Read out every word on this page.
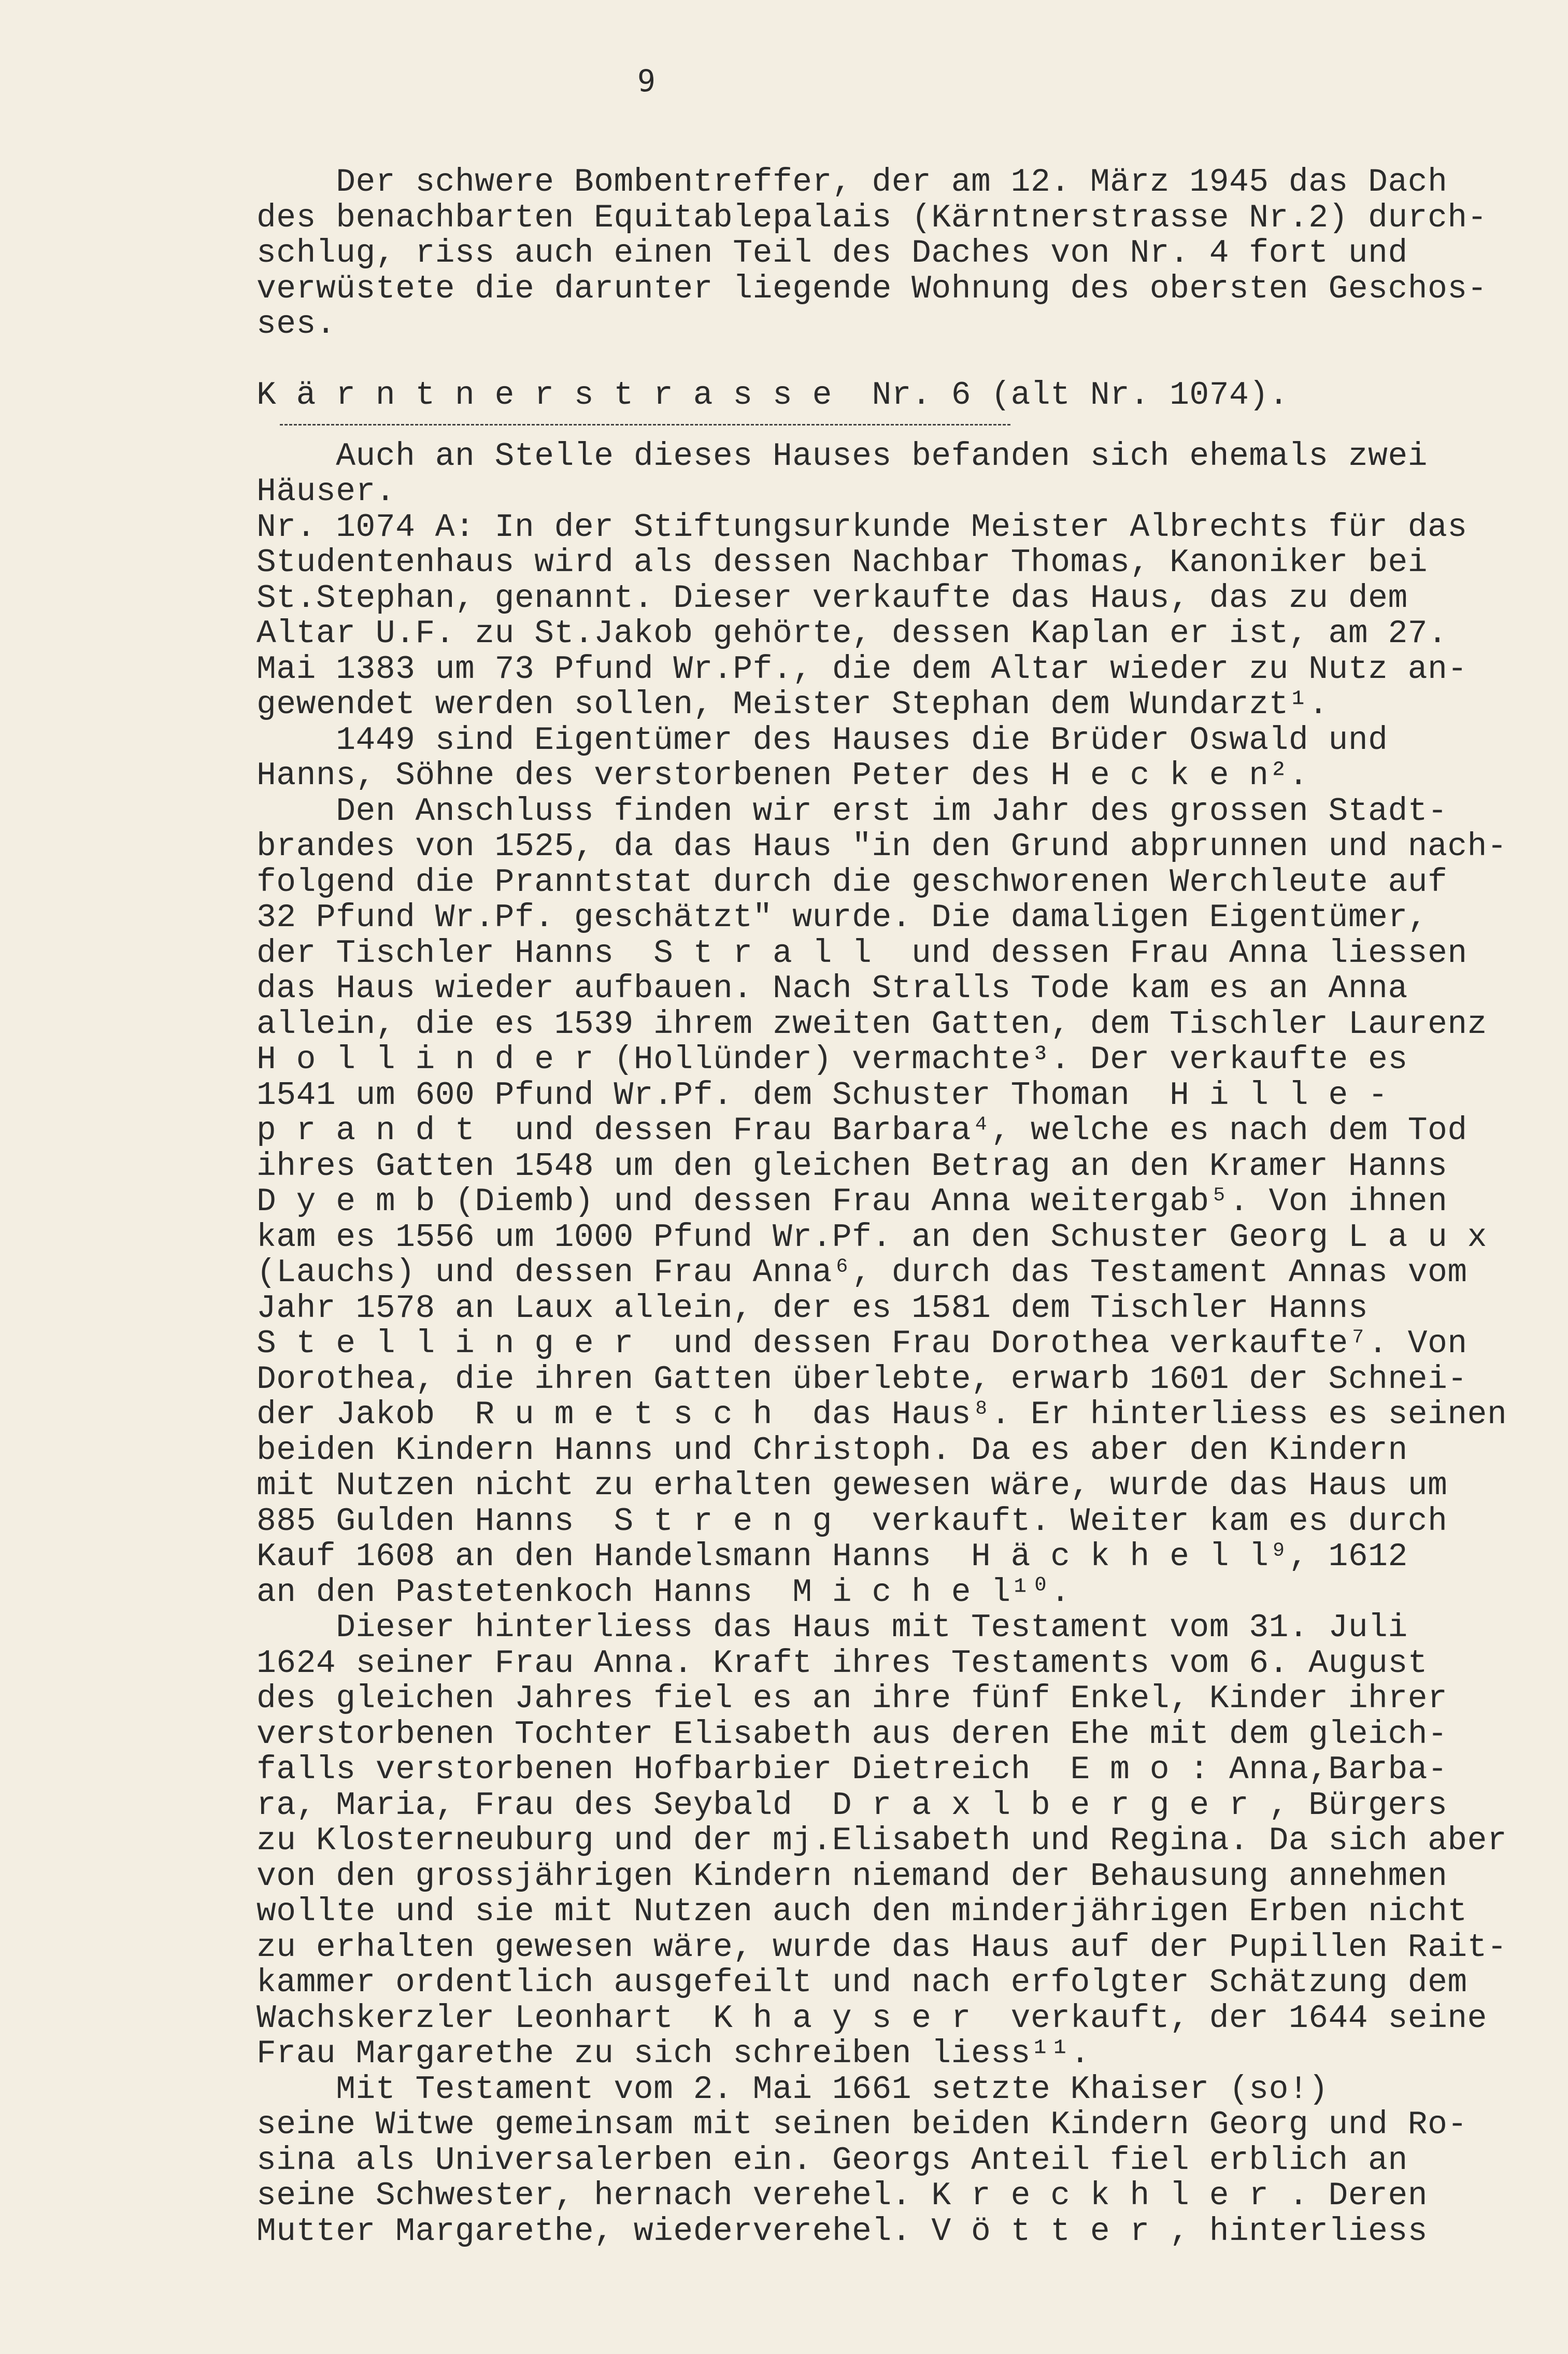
9
Der schwere Bombentreffer, der am 12. März 1945 das Dach
des benachbarten Equitablepalais (Kärntnerstrasse Nr.2) durch-
schlug, riss auch einen Teil des Daches von Nr. 4 fort und
verwüstete die darunter liegende Wohnung des obersten Geschos-
ses.
K ä r n t n e r s t r a s s e  Nr. 6 (alt Nr. 1074).
Auch an Stelle dieses Hauses befanden sich ehemals zwei
Häuser.
Nr. 1074 A: In der Stiftungsurkunde Meister Albrechts für das
Studentenhaus wird als dessen Nachbar Thomas, Kanoniker bei
St.Stephan, genannt. Dieser verkaufte das Haus, das zu dem
Altar U.F. zu St.Jakob gehörte, dessen Kaplan er ist, am 27.
Mai 1383 um 73 Pfund Wr.Pf., die dem Altar wieder zu Nutz an-
gewendet werden sollen, Meister Stephan dem Wundarzt¹.
1449 sind Eigentümer des Hauses die Brüder Oswald und
Hanns, Söhne des verstorbenen Peter des H e c k e n².
Den Anschluss finden wir erst im Jahr des grossen Stadt-
brandes von 1525, da das Haus "in den Grund abprunnen und nach-
folgend die Pranntstat durch die geschworenen Werchleute auf
32 Pfund Wr.Pf. geschätzt" wurde. Die damaligen Eigentümer,
der Tischler Hanns  S t r a l l  und dessen Frau Anna liessen
das Haus wieder aufbauen. Nach Stralls Tode kam es an Anna
allein, die es 1539 ihrem zweiten Gatten, dem Tischler Laurenz
H o l l i n d e r (Hollünder) vermachte³. Der verkaufte es
1541 um 600 Pfund Wr.Pf. dem Schuster Thoman  H i l l e -
p r a n d t  und dessen Frau Barbara⁴, welche es nach dem Tod
ihres Gatten 1548 um den gleichen Betrag an den Kramer Hanns
D y e m b (Diemb) und dessen Frau Anna weitergab⁵. Von ihnen
kam es 1556 um 1000 Pfund Wr.Pf. an den Schuster Georg L a u x
(Lauchs) und dessen Frau Anna⁶, durch das Testament Annas vom
Jahr 1578 an Laux allein, der es 1581 dem Tischler Hanns
S t e l l i n g e r  und dessen Frau Dorothea verkaufte⁷. Von
Dorothea, die ihren Gatten überlebte, erwarb 1601 der Schnei-
der Jakob  R u m e t s c h  das Haus⁸. Er hinterliess es seinen
beiden Kindern Hanns und Christoph. Da es aber den Kindern
mit Nutzen nicht zu erhalten gewesen wäre, wurde das Haus um
885 Gulden Hanns  S t r e n g  verkauft. Weiter kam es durch
Kauf 1608 an den Handelsmann Hanns  H ä c k h e l l⁹, 1612
an den Pastetenkoch Hanns  M i c h e l¹⁰.
Dieser hinterliess das Haus mit Testament vom 31. Juli
1624 seiner Frau Anna. Kraft ihres Testaments vom 6. August
des gleichen Jahres fiel es an ihre fünf Enkel, Kinder ihrer
verstorbenen Tochter Elisabeth aus deren Ehe mit dem gleich-
falls verstorbenen Hofbarbier Dietreich  E m o : Anna,Barba-
ra, Maria, Frau des Seybald  D r a x l b e r g e r , Bürgers
zu Klosterneuburg und der mj.Elisabeth und Regina. Da sich aber
von den grossjährigen Kindern niemand der Behausung annehmen
wollte und sie mit Nutzen auch den minderjährigen Erben nicht
zu erhalten gewesen wäre, wurde das Haus auf der Pupillen Rait-
kammer ordentlich ausgefeilt und nach erfolgter Schätzung dem
Wachskerzler Leonhart  K h a y s e r  verkauft, der 1644 seine
Frau Margarethe zu sich schreiben liess¹¹.
Mit Testament vom 2. Mai 1661 setzte Khaiser (so!)
seine Witwe gemeinsam mit seinen beiden Kindern Georg und Ro-
sina als Universalerben ein. Georgs Anteil fiel erblich an
seine Schwester, hernach verehel. K r e c k h l e r . Deren
Mutter Margarethe, wiederverehel. V ö t t e r , hinterliess
